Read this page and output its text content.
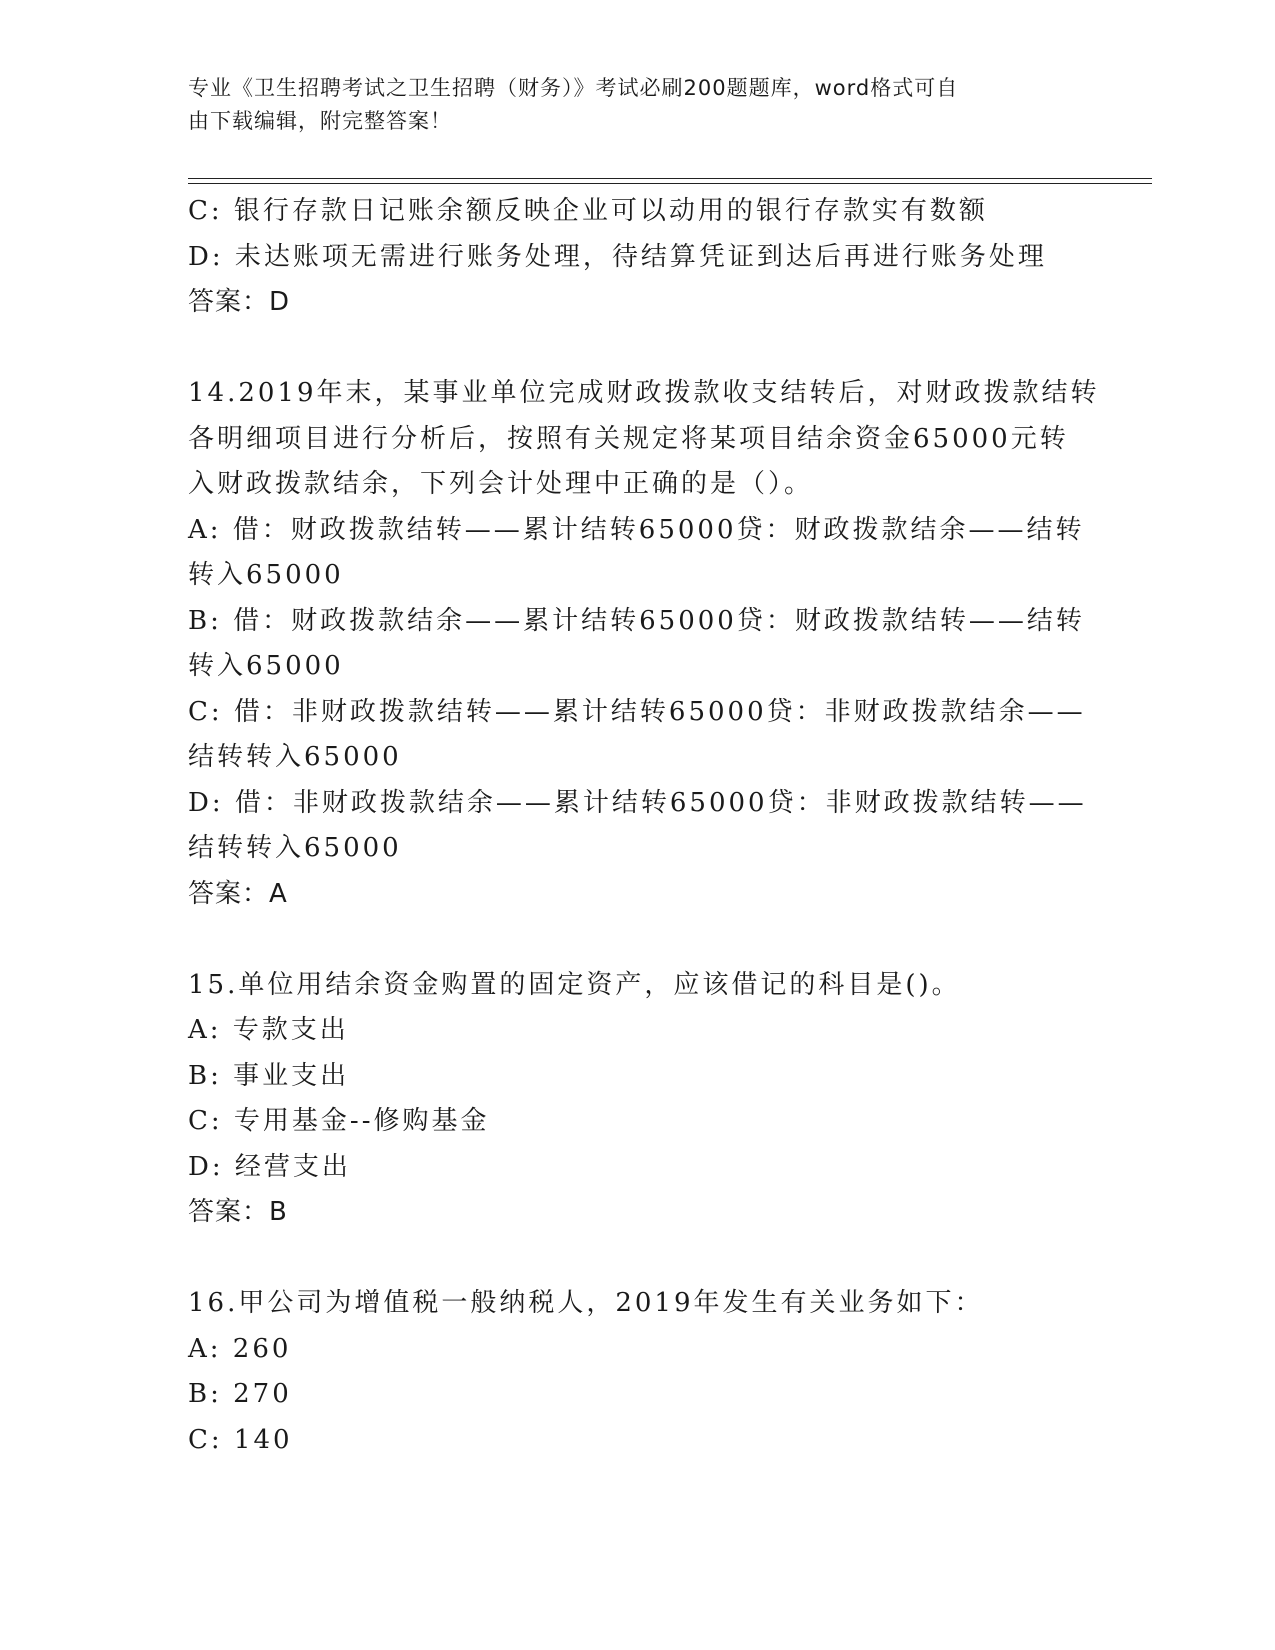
专业《卫生招聘考试之卫生招聘（财务）》考试必刷200题题库，word格式可自
由下载编辑，附完整答案！
C: 银行存款日记账余额反映企业可以动用的银行存款实有数额
D: 未达账项无需进行账务处理，待结算凭证到达后再进行账务处理
答案：D
14.2019年末，某事业单位完成财政拨款收支结转后，对财政拨款结转
各明细项目进行分析后，按照有关规定将某项目结余资金65000元转
入财政拨款结余，下列会计处理中正确的是（）。
A: 借：财政拨款结转——累计结转65000贷：财政拨款结余——结转
转入65000
B: 借：财政拨款结余——累计结转65000贷：财政拨款结转——结转
转入65000
C: 借：非财政拨款结转——累计结转65000贷：非财政拨款结余——
结转转入65000
D: 借：非财政拨款结余——累计结转65000贷：非财政拨款结转——
结转转入65000
答案：A
15.单位用结余资金购置的固定资产，应该借记的科目是()。
A: 专款支出
B: 事业支出
C: 专用基金--修购基金
D: 经营支出
答案：B
16.甲公司为增值税一般纳税人，2019年发生有关业务如下：
A: 260
B: 270
C: 140
